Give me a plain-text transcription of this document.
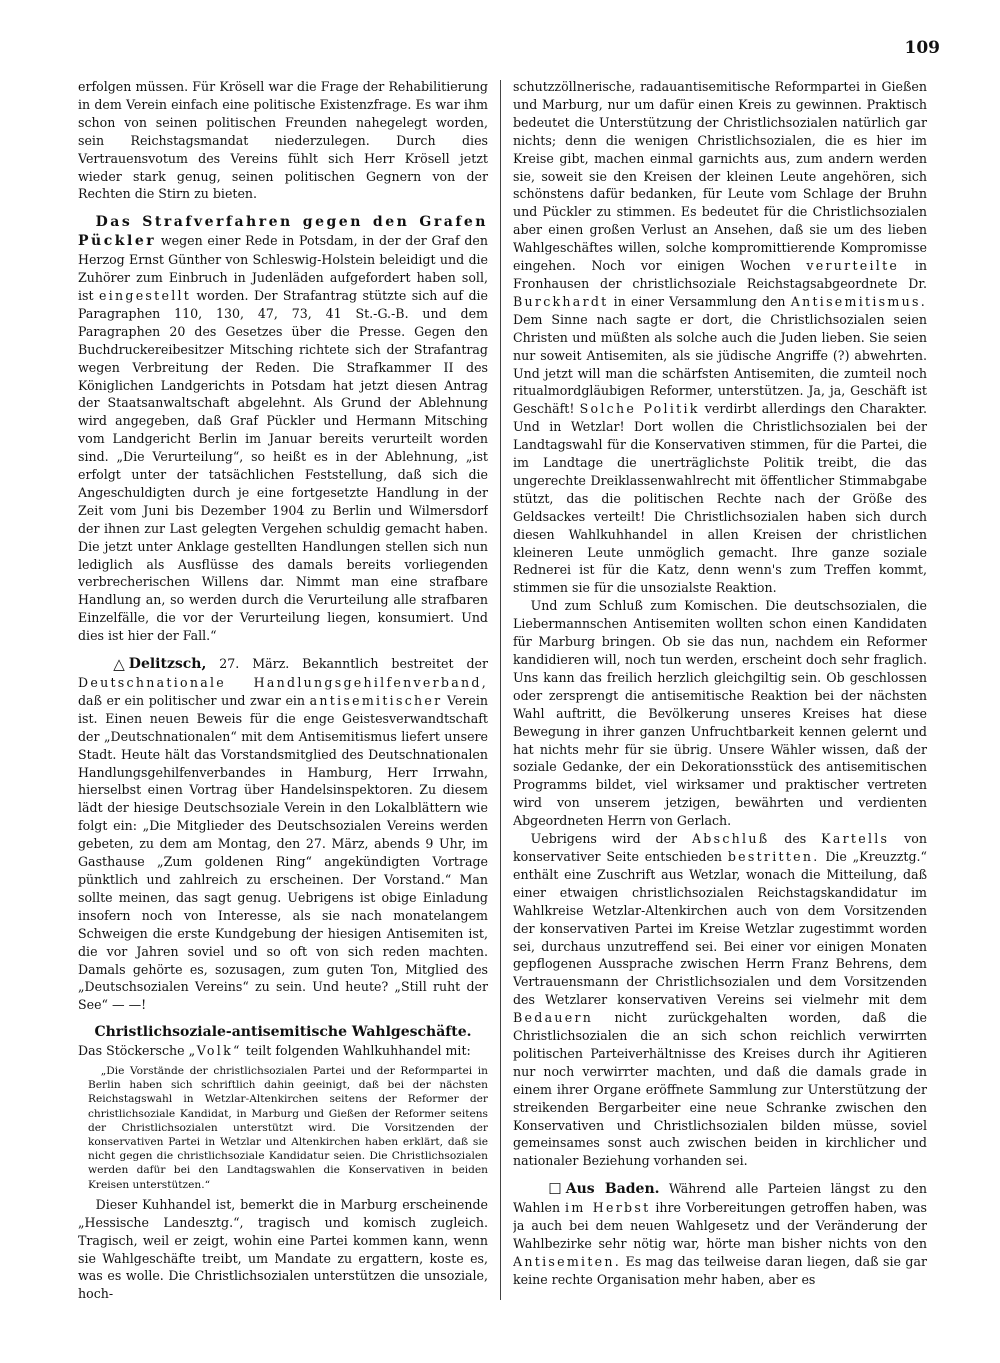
109

erfolgen müssen. Für Krösell war die Frage der Rehabilitierung in dem Verein einfach eine politische Existenzfrage. Es war ihm schon von seinen politischen Freunden nahegelegt worden, sein Reichstagsmandat niederzulegen. Durch dies Vertrauensvotum des Vereins fühlt sich Herr Krösell jetzt wieder stark genug, seinen politischen Gegnern von der Rechten die Stirn zu bieten.

Das Strafverfahren gegen den Grafen Pückler wegen einer Rede in Potsdam, in der der Graf den Herzog Ernst Günther von Schleswig-Holstein beleidigt und die Zuhörer zum Einbruch in Judenläden aufgefordert haben soll, ist eingestellt worden. Der Strafantrag stützte sich auf die Paragraphen 110, 130, 47, 73, 41 St.-G.-B. und dem Paragraphen 20 des Gesetzes über die Presse. Gegen den Buchdruckereibesitzer Mitsching richtete sich der Strafantrag wegen Verbreitung der Reden. Die Strafkammer II des Königlichen Landgerichts in Potsdam hat jetzt diesen Antrag der Staatsanwaltschaft abgelehnt. Als Grund der Ablehnung wird angegeben, daß Graf Pückler und Hermann Mitsching vom Landgericht Berlin im Januar bereits verurteilt worden sind. „Die Verurteilung“, so heißt es in der Ablehnung, „ist erfolgt unter der tatsächlichen Feststellung, daß sich die Angeschuldigten durch je eine fortgesetzte Handlung in der Zeit vom Juni bis Dezember 1904 zu Berlin und Wilmersdorf der ihnen zur Last gelegten Vergehen schuldig gemacht haben. Die jetzt unter Anklage gestellten Handlungen stellen sich nun lediglich als Ausflüsse des damals bereits vorliegenden verbrecherischen Willens dar. Nimmt man eine strafbare Handlung an, so werden durch die Verurteilung alle strafbaren Einzelfälle, die vor der Verurteilung liegen, konsumiert. Und dies ist hier der Fall.“

△ Delitzsch, 27. März. Bekanntlich bestreitet der Deutschnationale Handlungsgehilfenverband, daß er ein politischer und zwar ein antisemitischer Verein ist. Einen neuen Beweis für die enge Geistesverwandtschaft der „Deutschnationalen“ mit dem Antisemitismus liefert unsere Stadt. Heute hält das Vorstandsmitglied des Deutschnationalen Handlungsgehilfenverbandes in Hamburg, Herr Irrwahn, hierselbst einen Vortrag über Handelsinspektoren. Zu diesem lädt der hiesige Deutschsoziale Verein in den Lokalblättern wie folgt ein: „Die Mitglieder des Deutschsozialen Vereins werden gebeten, zu dem am Montag, den 27. März, abends 9 Uhr, im Gasthause „Zum goldenen Ring“ angekündigten Vortrage pünktlich und zahlreich zu erscheinen. Der Vorstand.“ Man sollte meinen, das sagt genug. Uebrigens ist obige Einladung insofern noch von Interesse, als sie nach monatelangem Schweigen die erste Kundgebung der hiesigen Antisemiten ist, die vor Jahren soviel und so oft von sich reden machten. Damals gehörte es, sozusagen, zum guten Ton, Mitglied des „Deutschsozialen Vereins“ zu sein. Und heute? „Still ruht der See“ — —!

Christlichsoziale-antisemitische Wahlgeschäfte.

Das Stöckersche „Volk“ teilt folgenden Wahlkuhhandel mit:

„Die Vorstände der christlichsozialen Partei und der Reformpartei in Berlin haben sich schriftlich dahin geeinigt, daß bei der nächsten Reichstagswahl in Wetzlar-Altenkirchen seitens der Reformer der christlichsoziale Kandidat, in Marburg und Gießen der Reformer seitens der Christlichsozialen unterstützt wird. Die Vorsitzenden der konservativen Partei in Wetzlar und Altenkirchen haben erklärt, daß sie nicht gegen die christlichsoziale Kandidatur seien. Die Christlichsozialen werden dafür bei den Landtagswahlen die Konservativen in beiden Kreisen unterstützen.“

Dieser Kuhhandel ist, bemerkt die in Marburg erscheinende „Hessische Landesztg.“, tragisch und komisch zugleich. Tragisch, weil er zeigt, wohin eine Partei kommen kann, wenn sie Wahlgeschäfte treibt, um Mandate zu ergattern, koste es, was es wolle. Die Christlichsozialen unterstützen die unsoziale, hoch-

schutzzöllnerische, radauantisemitische Reformpartei in Gießen und Marburg, nur um dafür einen Kreis zu gewinnen. Praktisch bedeutet die Unterstützung der Christlichsozialen natürlich gar nichts; denn die wenigen Christlichsozialen, die es hier im Kreise gibt, machen einmal garnichts aus, zum andern werden sie, soweit sie den Kreisen der kleinen Leute angehören, sich schönstens dafür bedanken, für Leute vom Schlage der Bruhn und Pückler zu stimmen. Es bedeutet für die Christlichsozialen aber einen großen Verlust an Ansehen, daß sie um des lieben Wahlgeschäftes willen, solche kompromittierende Kompromisse eingehen. Noch vor einigen Wochen verurteilte in Fronhausen der christlichsoziale Reichstagsabgeordnete Dr. Burckhardt in einer Versammlung den Antisemitismus. Dem Sinne nach sagte er dort, die Christlichsozialen seien Christen und müßten als solche auch die Juden lieben. Sie seien nur soweit Antisemiten, als sie jüdische Angriffe (?) abwehrten. Und jetzt will man die schärfsten Antisemiten, die zumteil noch ritualmordgläubigen Reformer, unterstützen. Ja, ja, Geschäft ist Geschäft! Solche Politik verdirbt allerdings den Charakter. Und in Wetzlar! Dort wollen die Christlichsozialen bei der Landtagswahl für die Konservativen stimmen, für die Partei, die im Landtage die unerträglichste Politik treibt, die das ungerechte Dreiklassenwahlrecht mit öffentlicher Stimmabgabe stützt, das die politischen Rechte nach der Größe des Geldsackes verteilt! Die Christlichsozialen haben sich durch diesen Wahlkuhhandel in allen Kreisen der christlichen kleineren Leute unmöglich gemacht. Ihre ganze soziale Rednerei ist für die Katz, denn wenn's zum Treffen kommt, stimmen sie für die unsozialste Reaktion.

Und zum Schluß zum Komischen. Die deutschsozialen, die Liebermannschen Antisemiten wollten schon einen Kandidaten für Marburg bringen. Ob sie das nun, nachdem ein Reformer kandidieren will, noch tun werden, erscheint doch sehr fraglich. Uns kann das freilich herzlich gleichgiltig sein. Ob geschlossen oder zersprengt die antisemitische Reaktion bei der nächsten Wahl auftritt, die Bevölkerung unseres Kreises hat diese Bewegung in ihrer ganzen Unfruchtbarkeit kennen gelernt und hat nichts mehr für sie übrig. Unsere Wähler wissen, daß der soziale Gedanke, der ein Dekorationsstück des antisemitischen Programms bildet, viel wirksamer und praktischer vertreten wird von unserem jetzigen, bewährten und verdienten Abgeordneten Herrn von Gerlach.

Uebrigens wird der Abschluß des Kartells von konservativer Seite entschieden bestritten. Die „Kreuzztg.“ enthält eine Zuschrift aus Wetzlar, wonach die Mitteilung, daß einer etwaigen christlichsozialen Reichstagskandidatur im Wahlkreise Wetzlar-Altenkirchen auch von dem Vorsitzenden der konservativen Partei im Kreise Wetzlar zugestimmt worden sei, durchaus unzutreffend sei. Bei einer vor einigen Monaten gepflogenen Aussprache zwischen Herrn Franz Behrens, dem Vertrauensmann der Christlichsozialen und dem Vorsitzenden des Wetzlarer konservativen Vereins sei vielmehr mit dem Bedauern nicht zurückgehalten worden, daß die Christlichsozialen die an sich schon reichlich verwirrten politischen Parteiverhältnisse des Kreises durch ihr Agitieren nur noch verwirrter machten, und daß die damals grade in einem ihrer Organe eröffnete Sammlung zur Unterstützung der streikenden Bergarbeiter eine neue Schranke zwischen den Konservativen und Christlichsozialen bilden müsse, soviel gemeinsames sonst auch zwischen beiden in kirchlicher und nationaler Beziehung vorhanden sei.

☐ Aus Baden. Während alle Parteien längst zu den Wahlen im Herbst ihre Vorbereitungen getroffen haben, was ja auch bei dem neuen Wahlgesetz und der Veränderung der Wahlbezirke sehr nötig war, hörte man bisher nichts von den Antisemiten. Es mag das teilweise daran liegen, daß sie gar keine rechte Organisation mehr haben, aber es
